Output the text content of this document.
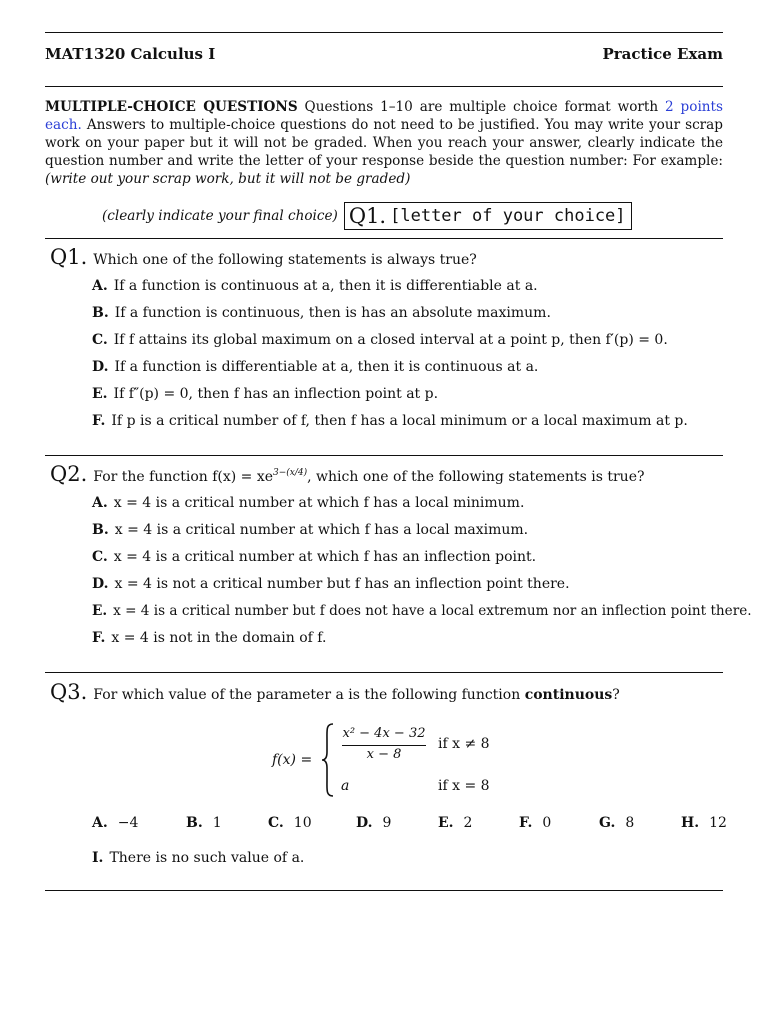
MAT1320 Calculus I	Practice Exam
MULTIPLE-CHOICE QUESTIONS Questions 1–10 are multiple choice format worth 2 points each. Answers to multiple-choice questions do not need to be justified. You may write your scrap work on your paper but it will not be graded. When you reach your answer, clearly indicate the question number and write the letter of your response beside the question number: For example: (write out your scrap work, but it will not be graded)
(clearly indicate your final choice) Q1. [letter of your choice]
Q1. Which one of the following statements is always true?
A. If a function is continuous at a, then it is differentiable at a.
B. If a function is continuous, then is has an absolute maximum.
C. If f attains its global maximum on a closed interval at a point p, then f′(p) = 0.
D. If a function is differentiable at a, then it is continuous at a.
E. If f″(p) = 0, then f has an inflection point at p.
F. If p is a critical number of f, then f has a local minimum or a local maximum at p.
Q2. For the function $f(x) = xe^{3-(x/4)}$, which one of the following statements is true?
A. x = 4 is a critical number at which f has a local minimum.
B. x = 4 is a critical number at which f has a local maximum.
C. x = 4 is a critical number at which f has an inflection point.
D. x = 4 is not a critical number but f has an inflection point there.
E. x = 4 is a critical number but f does not have a local extremum nor an inflection point there.
F. x = 4 is not in the domain of f.
Q3. For which value of the parameter a is the following function continuous?
f(x) =
x² − 4x − 32
x − 8
if x ≠ 8
a	if x = 8
A. −4	B. 1	C. 10	D. 9	E. 2	F. 0	G. 8	H. 12
I. There is no such value of a.
